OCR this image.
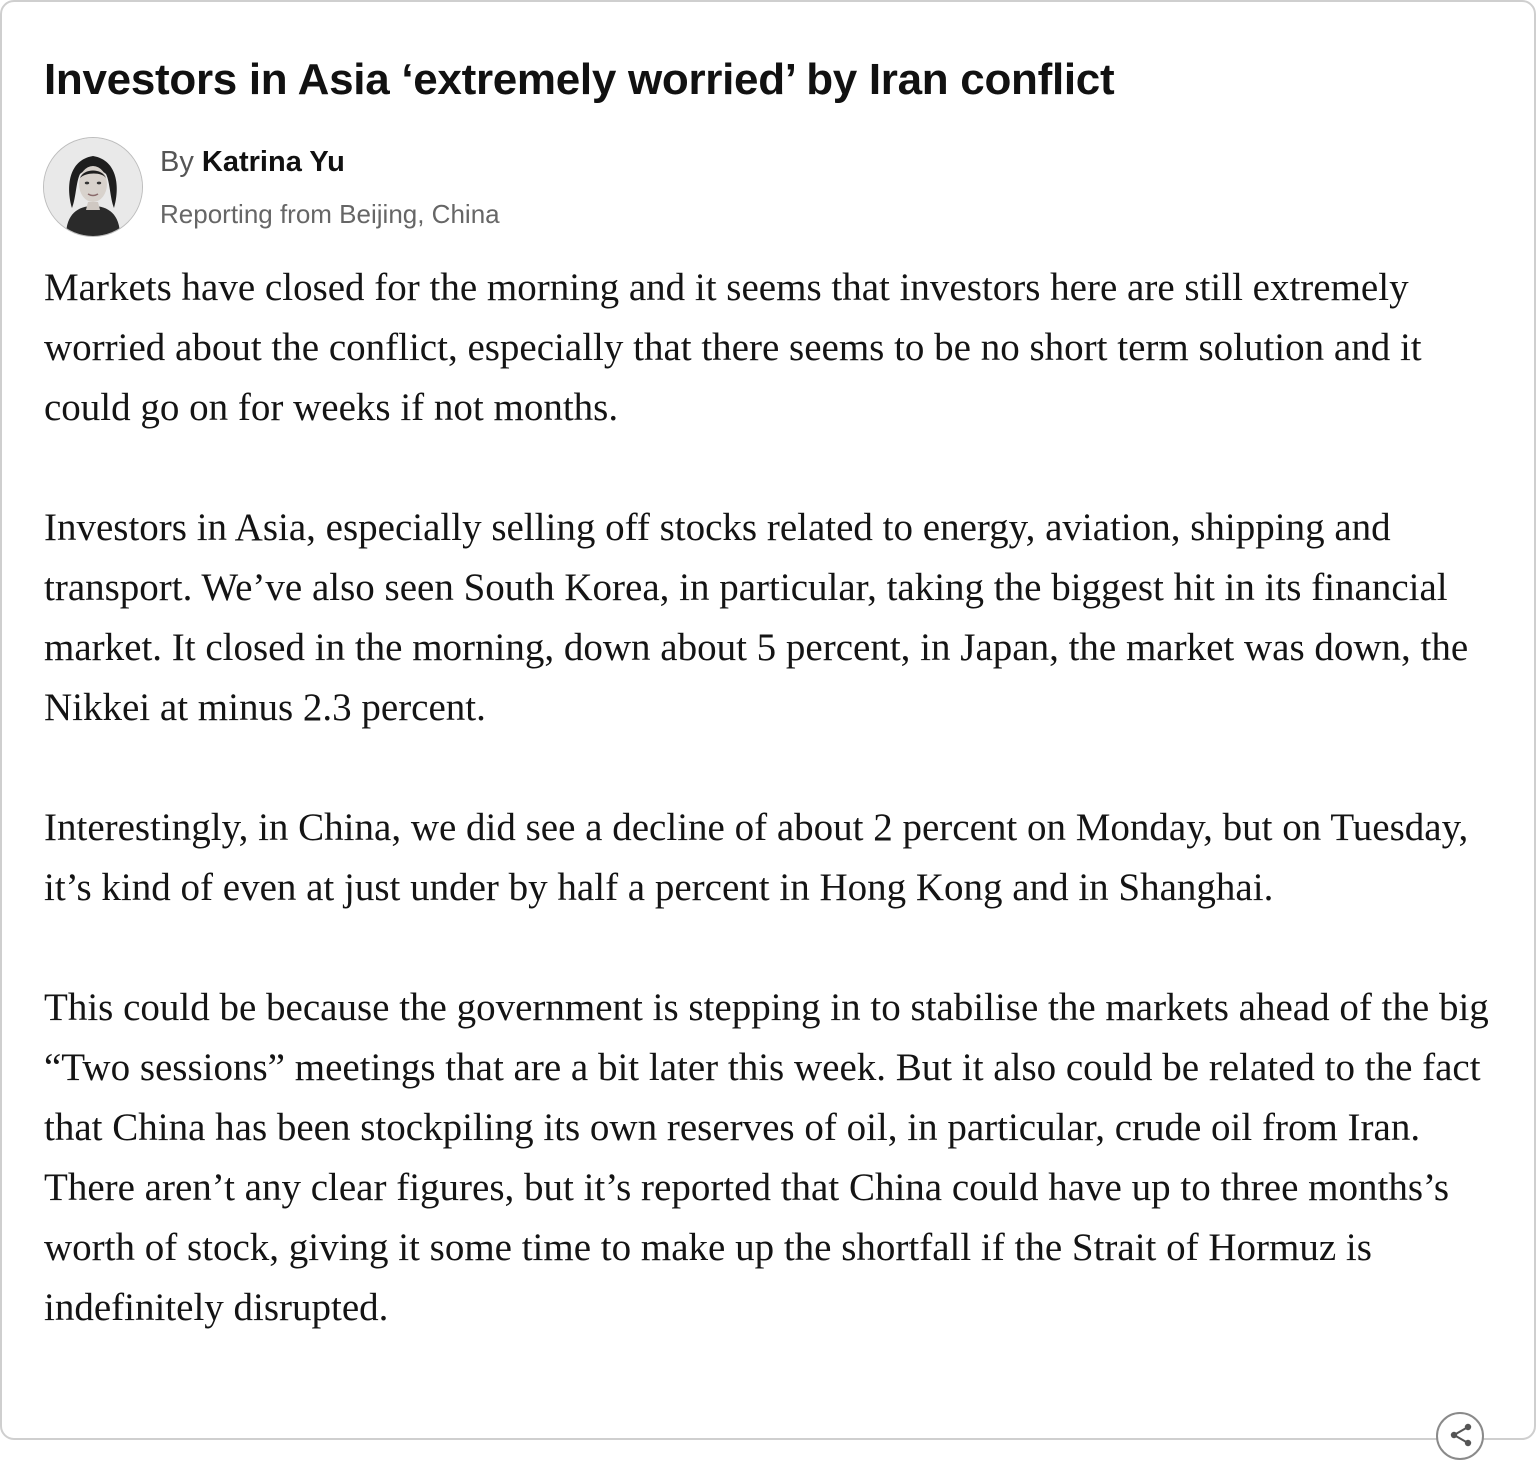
Investors in Asia ‘extremely worried’ by Iran conflict
By Katrina Yu
Reporting from Beijing, China

Markets have closed for the morning and it seems that investors here are still extremely worried about the conflict, especially that there seems to be no short term solution and it could go on for weeks if not months.

Investors in Asia, especially selling off stocks related to energy, aviation, shipping and transport. We’ve also seen South Korea, in particular, taking the biggest hit in its financial market. It closed in the morning, down about 5 percent, in Japan, the market was down, the Nikkei at minus 2.3 percent.

Interestingly, in China, we did see a decline of about 2 percent on Monday, but on Tuesday, it’s kind of even at just under by half a percent in Hong Kong and in Shanghai.

This could be because the government is stepping in to stabilise the markets ahead of the big “Two sessions” meetings that are a bit later this week. But it also could be related to the fact that China has been stockpiling its own reserves of oil, in particular, crude oil from Iran. There aren’t any clear figures, but it’s reported that China could have up to three months’s worth of stock, giving it some time to make up the shortfall if the Strait of Hormuz is indefinitely disrupted.
